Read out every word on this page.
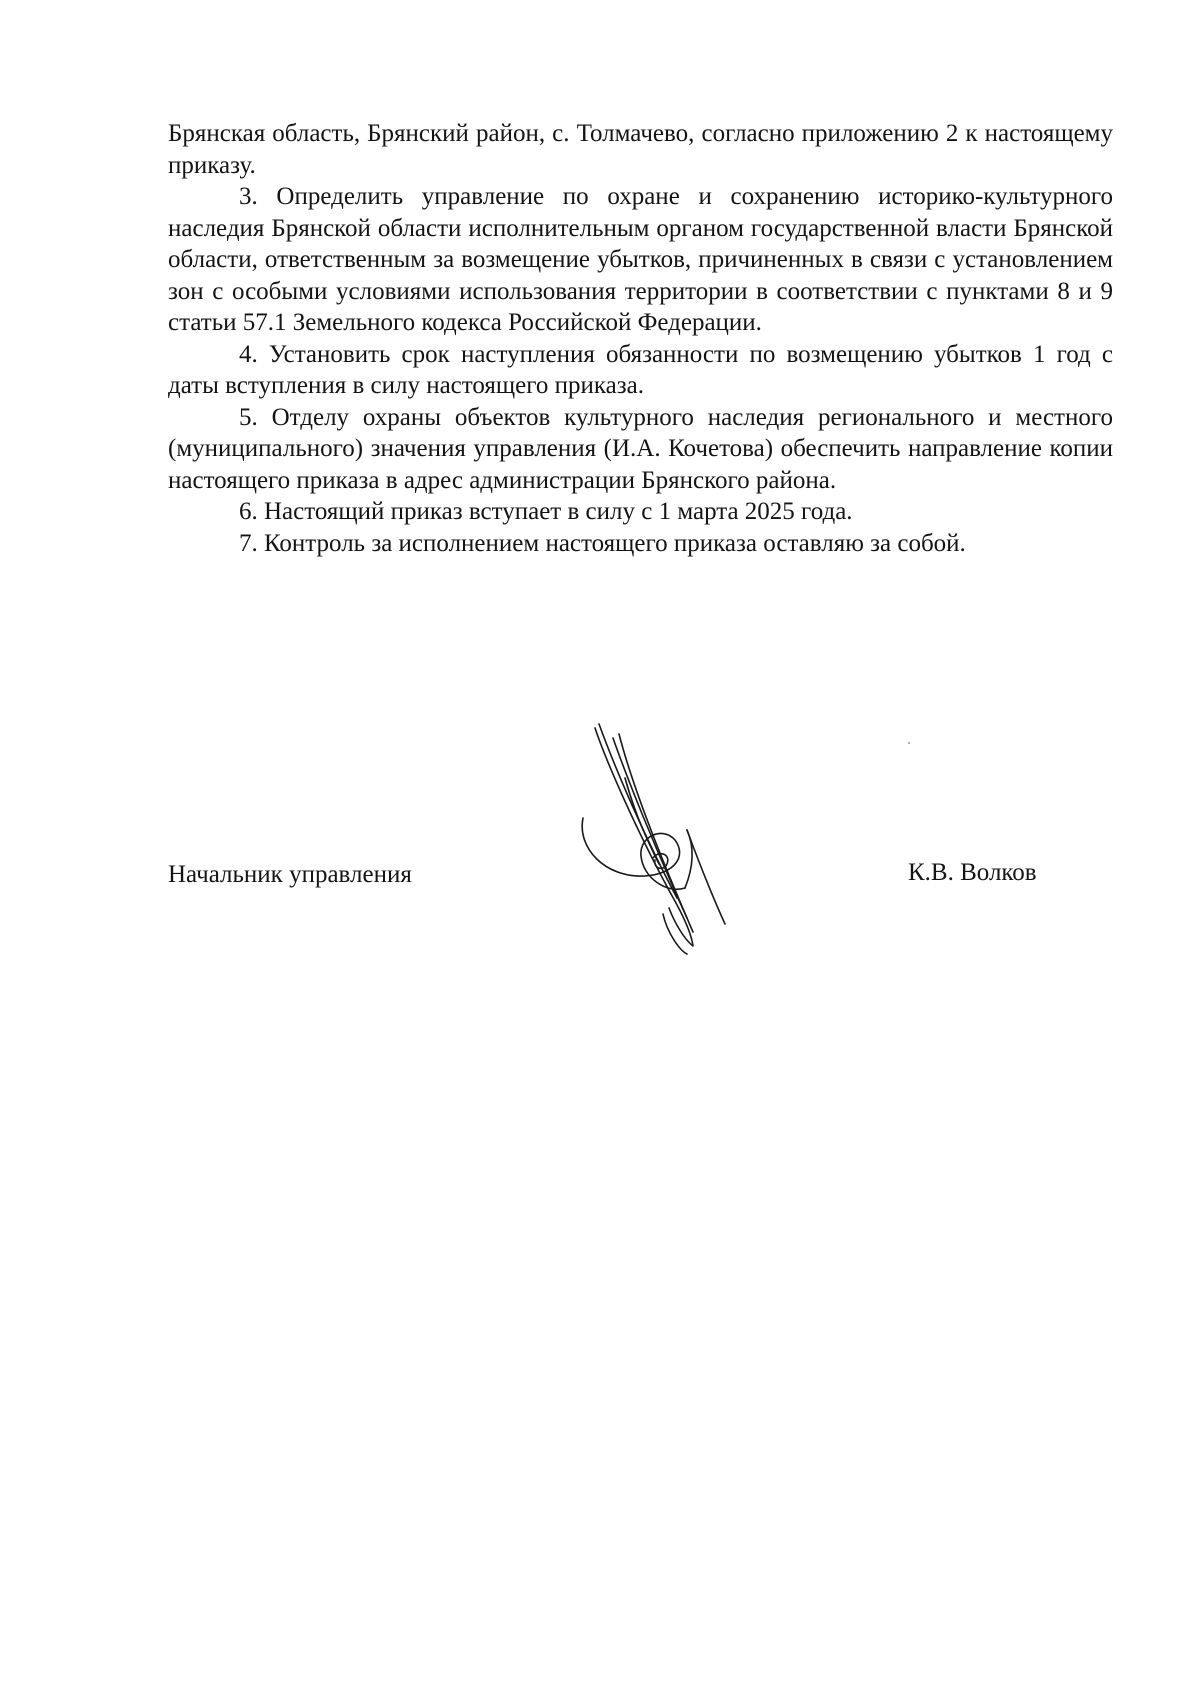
Брянская область, Брянский район, с. Толмачево, согласно приложению 2 к настоящему приказу.

3. Определить управление по охране и сохранению историко-культурного наследия Брянской области исполнительным органом государственной власти Брянской области, ответственным за возмещение убытков, причиненных в связи с установлением зон с особыми условиями использования территории в соответствии с пунктами 8 и 9 статьи 57.1 Земельного кодекса Российской Федерации.

4. Установить срок наступления обязанности по возмещению убытков 1 год с даты вступления в силу настоящего приказа.

5. Отделу охраны объектов культурного наследия регионального и местного (муниципального) значения управления (И.А. Кочетова) обеспечить направление копии настоящего приказа в адрес администрации Брянского района.

6. Настоящий приказ вступает в силу с 1 марта 2025 года.

7. Контроль за исполнением настоящего приказа оставляю за собой.

Начальник управления	К.В. Волков
